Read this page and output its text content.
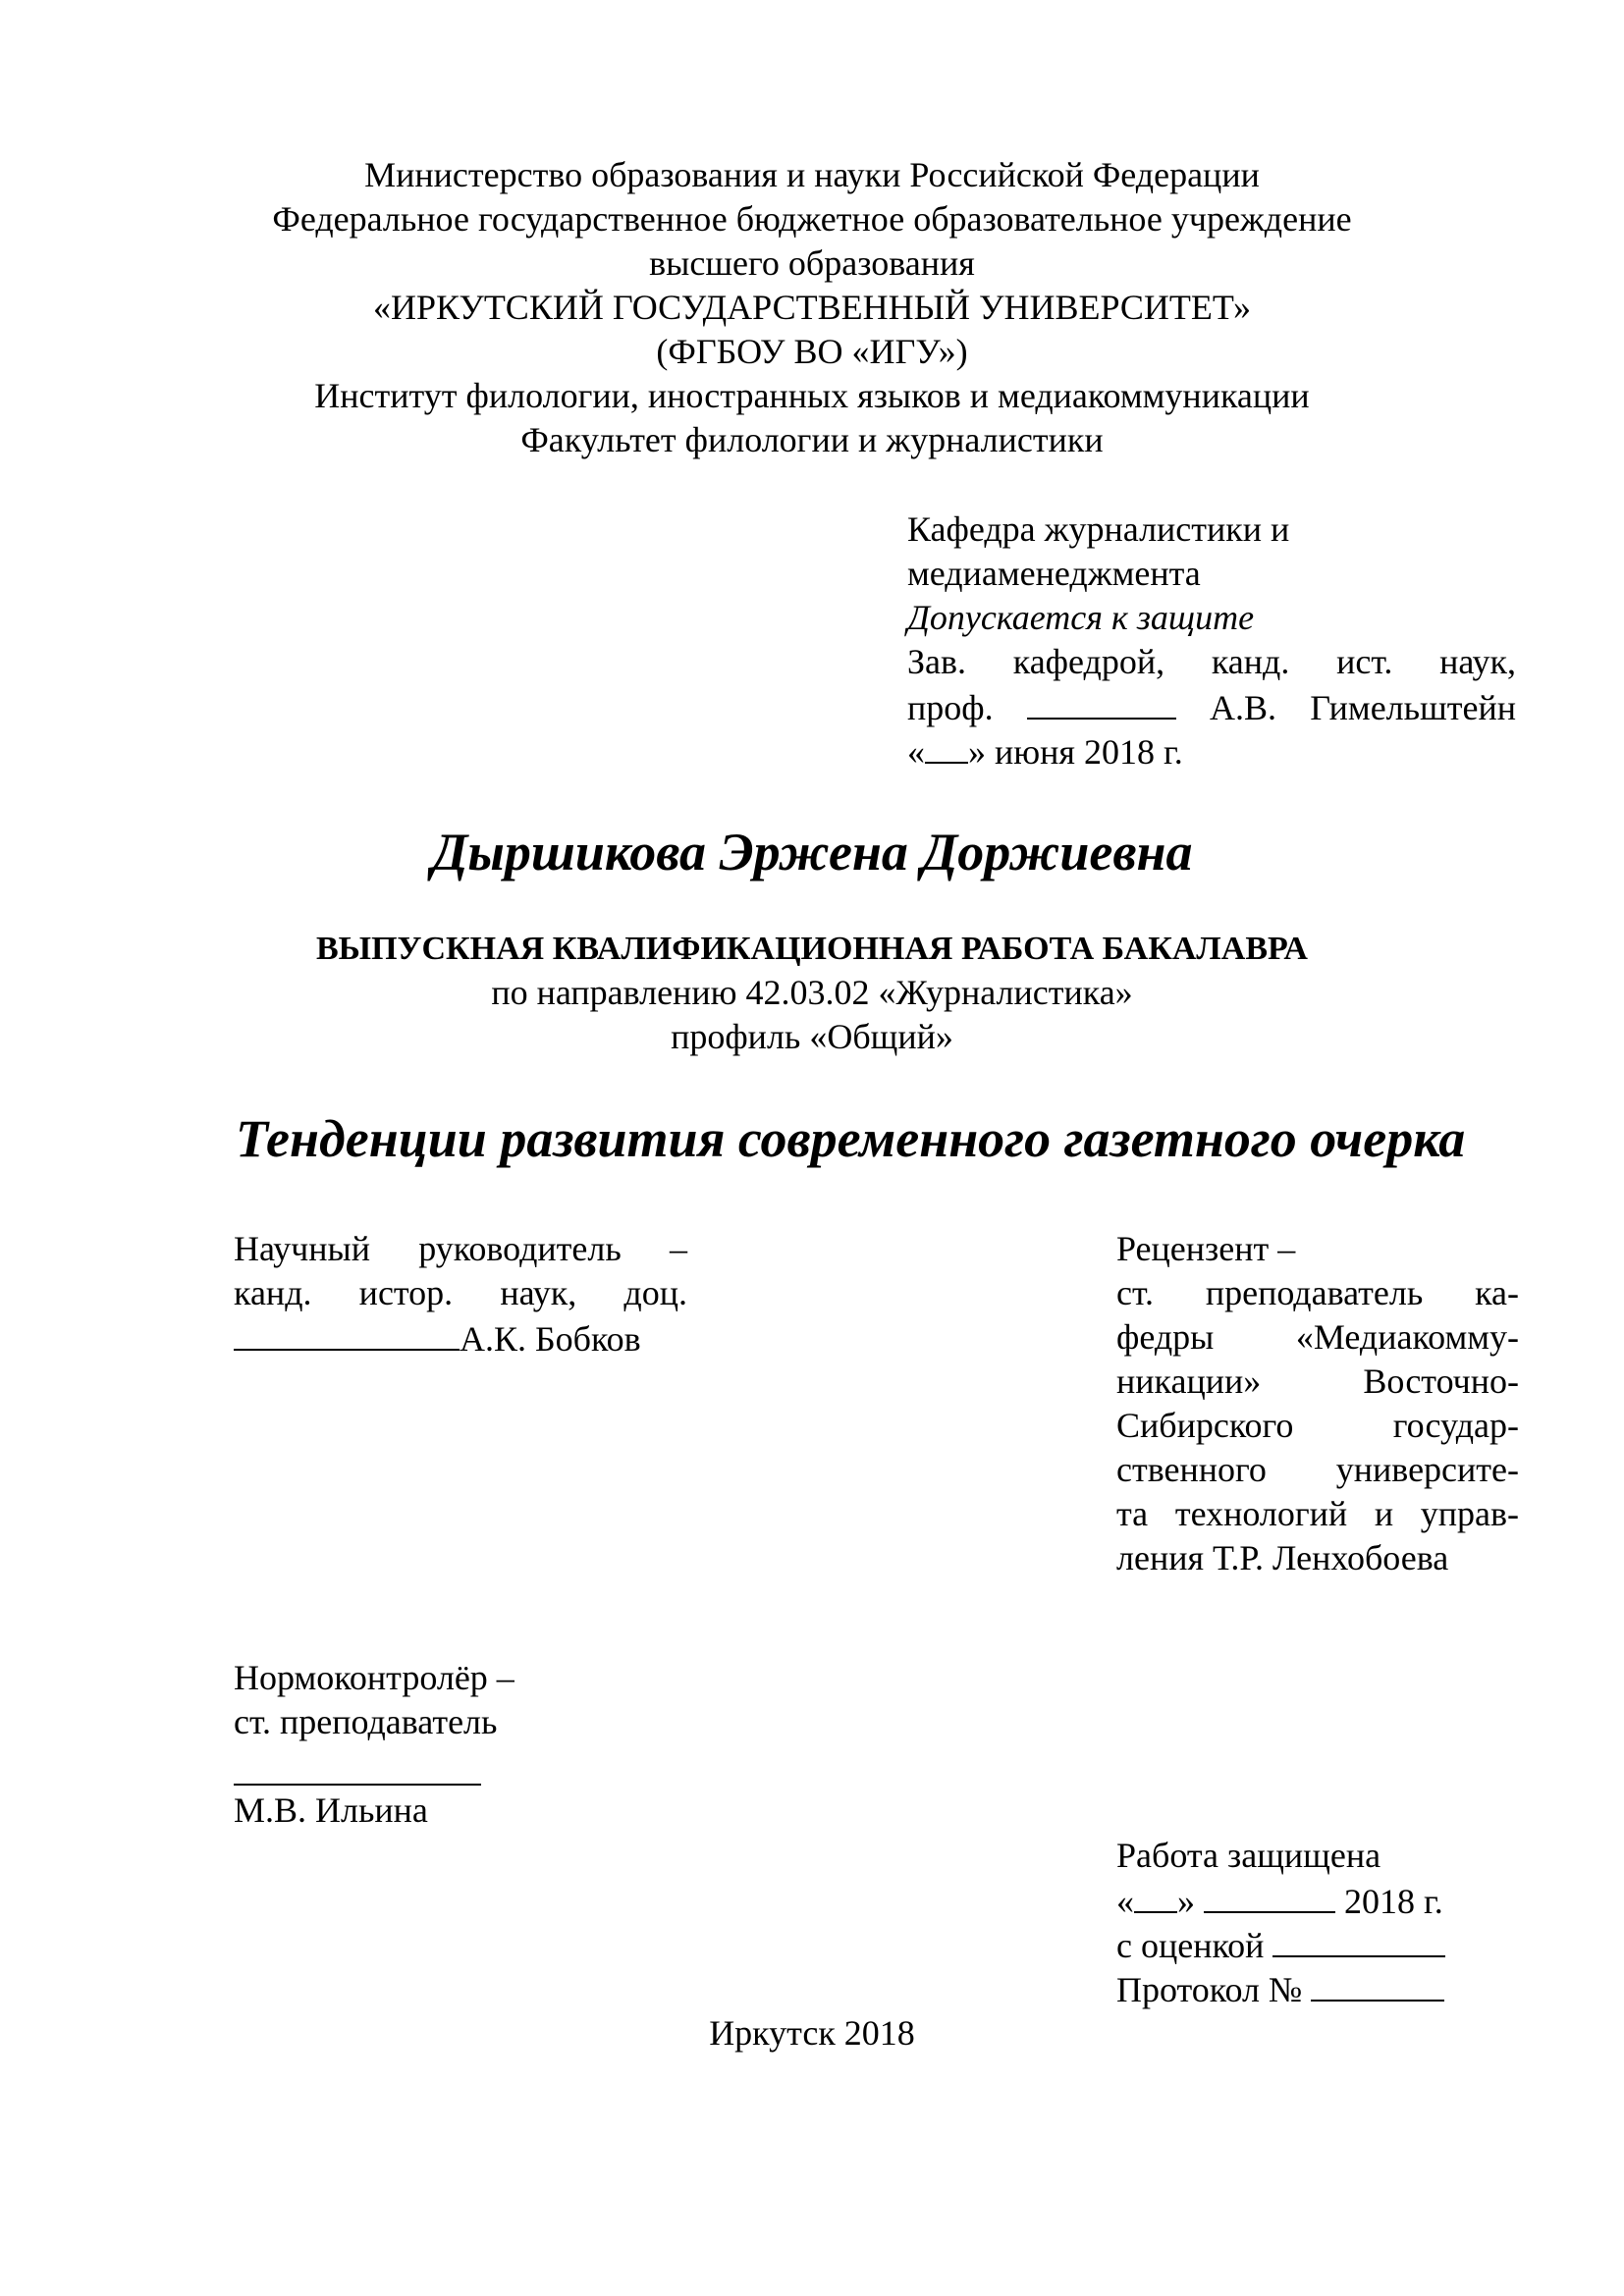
Министерство образования и науки Российской Федерации

Федеральное государственное бюджетное образовательное учреждение

высшего образования

«ИРКУТСКИЙ ГОСУДАРСТВЕННЫЙ УНИВЕРСИТЕТ»

(ФГБОУ ВО «ИГУ»)

Институт филологии, иностранных языков и медиакоммуникации

Факультет филологии и журналистики

Кафедра журналистики и

медиаменеджмента

Допускается к защите

Зав. кафедрой, канд. ист. наук,

проф.	А.В. Гимельштейн

« » июня 2018 г.

Дыршикова Эржена Доржиевна

ВЫПУСКНАЯ КВАЛИФИКАЦИОННАЯ РАБОТА БАКАЛАВРА

по направлению 42.03.02 «Журналистика»

профиль «Общий»

Тенденции развития современного газетного очерка

Научный руководитель –

канд. истор. наук, доц.

А.К. Бобков

Рецензент –

ст. преподаватель ка-

федры «Медиакомму-

никации» Восточно-

Сибирского государ-

ственного университе-

та технологий и управ-

ления Т.Р. Ленхобоева

Нормоконтролёр –

ст. преподаватель

М.В. Ильина

Работа защищена

« »	2018 г.

с оценкой

Протокол №

Иркутск 2018
